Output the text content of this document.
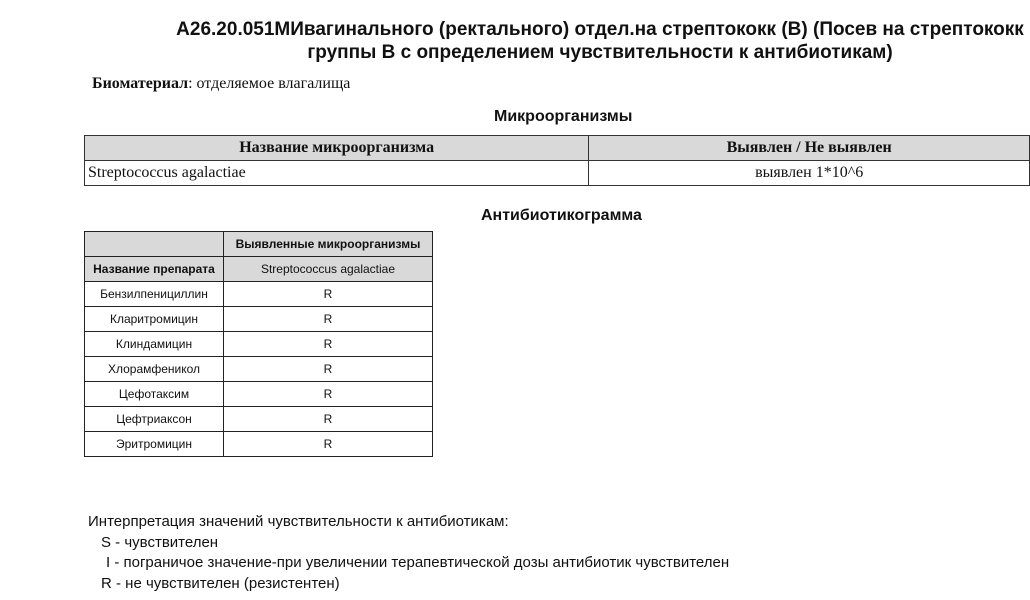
A26.20.051МИвагинального (ректального) отдел.на стрептококк (В) (Посев на стрептококк
группы В с определением чувствительности к антибиотикам)
Биоматериал: отделяемое влагалища
Микроорганизмы
Название микроорганизма	Выявлен / Не выявлен
Streptococcus agalactiae	выявлен 1*10^6
Антибиотикограмма
	Выявленные микроорганизмы
Название препарата	Streptococcus agalactiae
Бензилпенициллин	R
Кларитромицин	R
Клиндамицин	R
Хлорамфеникол	R
Цефотаксим	R
Цефтриаксон	R
Эритромицин	R
Интерпретация значений чувствительности к антибиотикам:
S - чувствителен
I - пограничое значение-при увеличении терапевтической дозы антибиотик чувствителен
R - не чувствителен (резистентен)
